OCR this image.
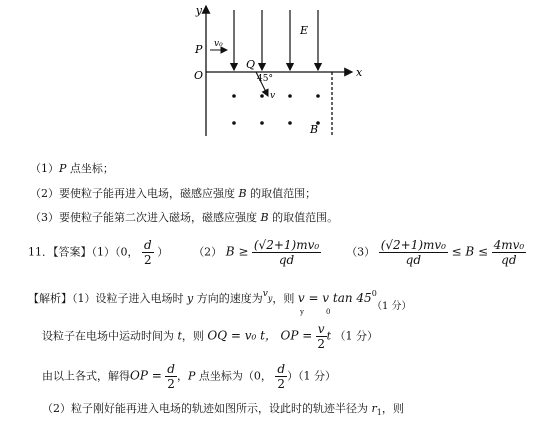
y
x
O
E
P v₀
Q
45°
v
B
（1）P 点坐标；
（2）要使粒子能再进入电场，磁感应强度 B 的取值范围；
（3）要使粒子能第二次进入磁场，磁感应强度 B 的取值范围。
11．【答案】（1）（0， $\frac{d}{2}$ ） （2） $B \ge \frac{\text{(√2+1)mv₀}}{qd} (3) \frac{\text{(√2+1)mv₀}}{qd} \le B \le \frac{\text{4mv₀}}{qd}$
【解析】（1）设粒子进入电场时 y 方向的速度为$^v$y，则 v = v $\tan 45^0$
（1 分）
y	0
设粒子在电场中运动时间为 t，则 OQ = v₀ t， OP = $\frac{v}{2}$ t （1 分）
由以上各式，解得OP = $\frac{d}{2}$ ，P 点坐标为（0， $\frac{d}{2} )(1$ 分）
（2）粒子刚好能再进入电场的轨迹如图所示，设此时的轨迹半径为 $r_1$，则
